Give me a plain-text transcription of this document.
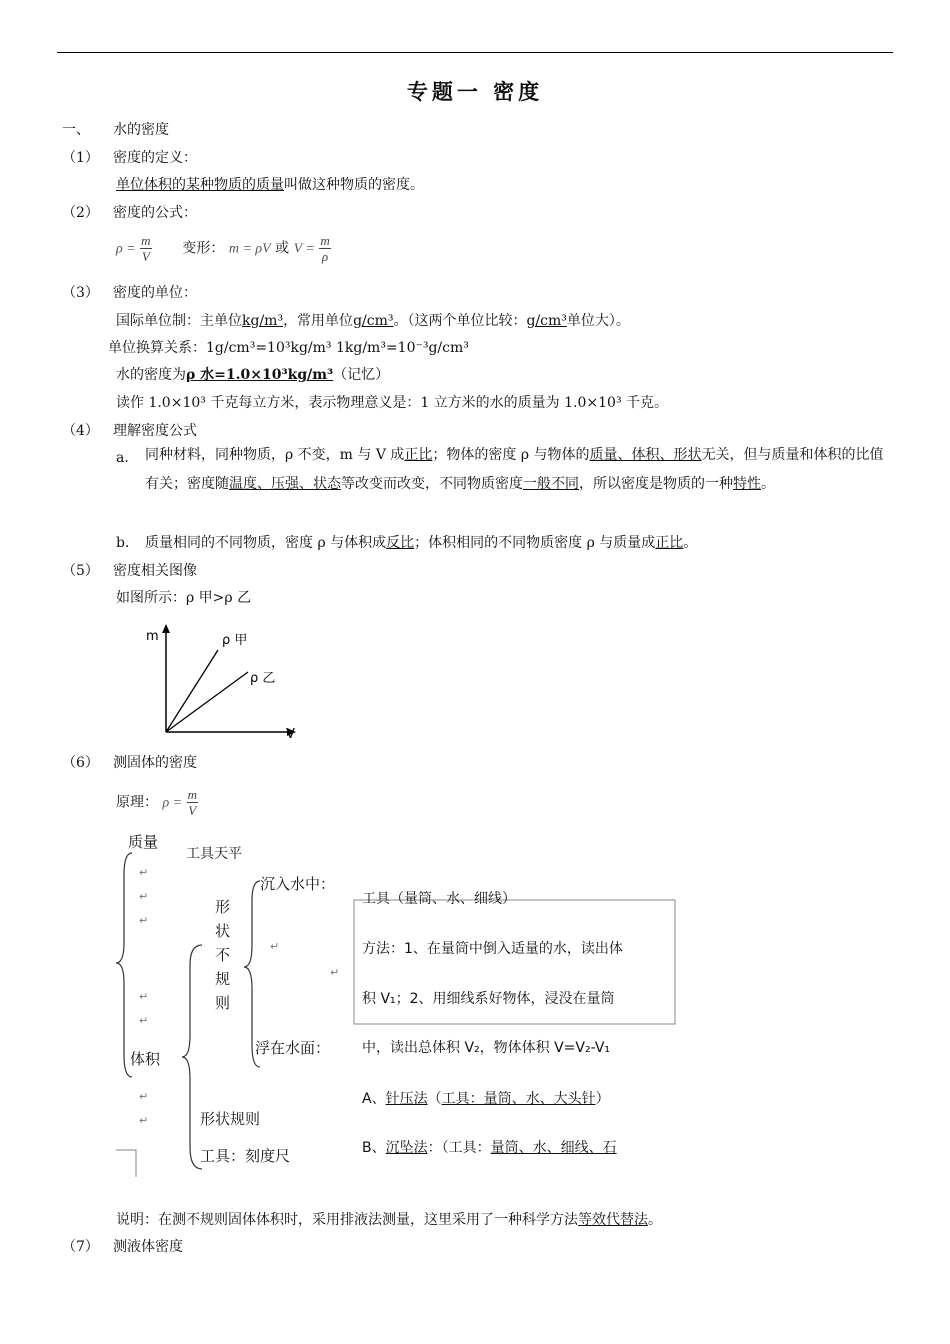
专题一 密度
一、 水的密度
（1） 密度的定义：
单位体积的某种物质的质量叫做这种物质的密度。
（2） 密度的公式：
$\rho = \frac{m}{V}$ 变形： m = ρV 或 $V = \frac{m}{\rho}$
（3） 密度的单位：
国际单位制：主单位kg/m³，常用单位g/cm³。（这两个单位比较：g/cm³单位大）。
单位换算关系：1g/cm³=10³kg/m³ 1kg/m³=10⁻³g/cm³
水的密度为ρ 水=1.0×10³kg/m³（记忆）
读作 1.0×10³ 千克每立方米，表示物理意义是：1 立方米的水的质量为 1.0×10³ 千克。
（4） 理解密度公式
a． 同种材料，同种物质，ρ 不变，m 与 V 成正比；物体的密度 ρ 与物体的质量、体积、形状无关，但与质量和体积的比值有关；密度随温度、压强、状态等改变而改变，不同物质密度一般不同，所以密度是物质的一种特性。
b． 质量相同的不同物质，密度 ρ 与体积成反比；体积相同的不同物质密度 ρ 与质量成正比。
（5） 密度相关图像
如图所示：ρ 甲>ρ 乙
m
V
ρ 甲
ρ 乙
（6） 测固体的密度
原理： $\rho = \frac{m}{V}$
质量
工具天平
↵
↵
↵
↵
↵
↵
↵
↵
↵
体积
形
状
不
规
则
沉入水中：
浮在水面：
工具（量筒、水、细线）
方法：1、在量筒中倒入适量的水，读出体
积 V₁；2、用细线系好物体，浸没在量筒
中，读出总体积 V₂，物体体积 V=V₂-V₁
A、针压法（工具：量筒、水、大头针）
B、沉坠法：（工具：量筒、水、细线、石
形状规则
工具：刻度尺
说明：在测不规则固体体积时，采用排液法测量，这里采用了一种科学方法等效代替法。
（7） 测液体密度
